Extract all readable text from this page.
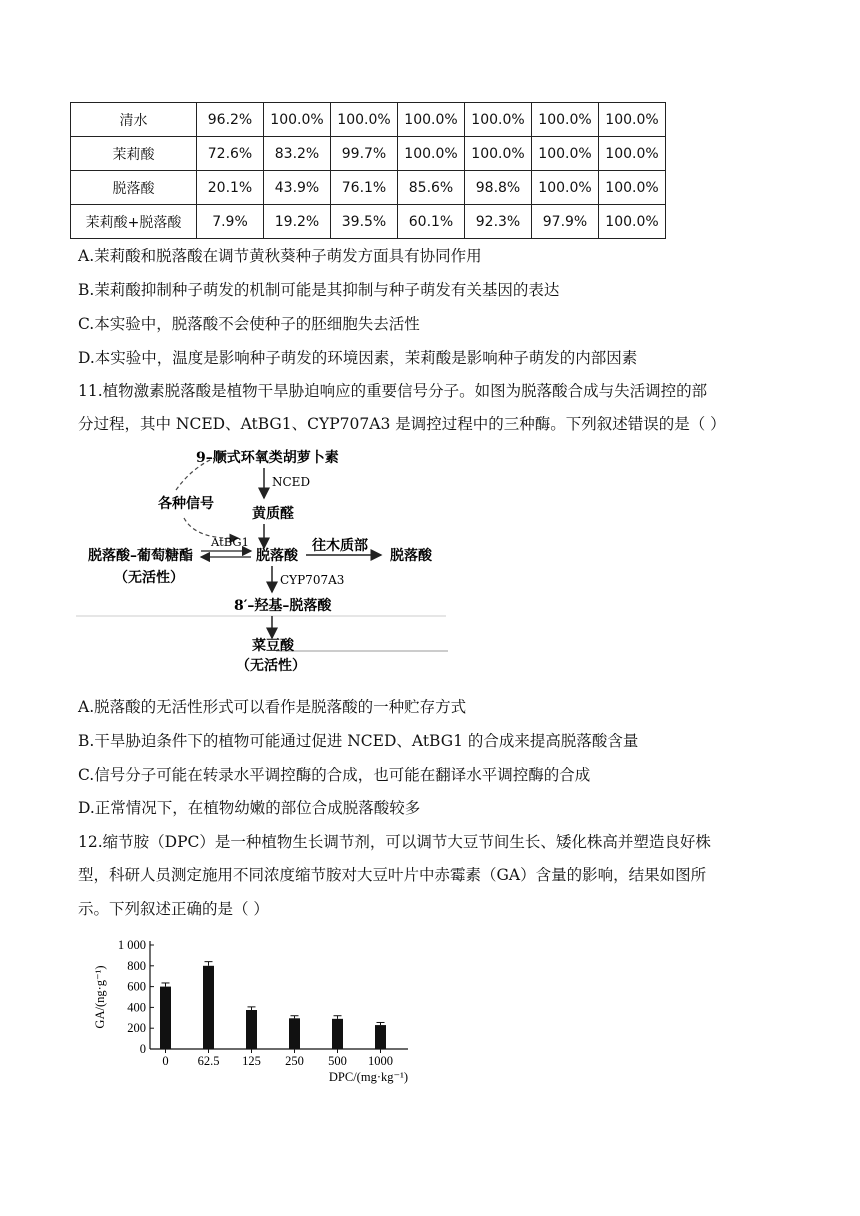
清水	96.2%	100.0%	100.0%	100.0%	100.0%	100.0%	100.0%
茉莉酸	72.6%	83.2%	99.7%	100.0%	100.0%	100.0%	100.0%
脱落酸	20.1%	43.9%	76.1%	85.6%	98.8%	100.0%	100.0%
茉莉酸+脱落酸	7.9%	19.2%	39.5%	60.1%	92.3%	97.9%	100.0%
A.茉莉酸和脱落酸在调节黄秋葵种子萌发方面具有协同作用
B.茉莉酸抑制种子萌发的机制可能是其抑制与种子萌发有关基因的表达
C.本实验中，脱落酸不会使种子的胚细胞失去活性
D.本实验中，温度是影响种子萌发的环境因素，茉莉酸是影响种子萌发的内部因素
11.植物激素脱落酸是植物干旱胁迫响应的重要信号分子。如图为脱落酸合成与失活调控的部
分过程，其中 NCED、AtBG1、CYP707A3 是调控过程中的三种酶。下列叙述错误的是（ ）
9–顺式环氧类胡萝卜素
NCED
各种信号
黄质醛
AtBG1
脱落酸–葡萄糖酯
（无活性）
脱落酸
往木质部
脱落酸
CYP707A3
8′–羟基–脱落酸
菜豆酸
（无活性）
A.脱落酸的无活性形式可以看作是脱落酸的一种贮存方式
B.干旱胁迫条件下的植物可能通过促进 NCED、AtBG1 的合成来提高脱落酸含量
C.信号分子可能在转录水平调控酶的合成，也可能在翻译水平调控酶的合成
D.正常情况下，在植物幼嫩的部位合成脱落酸较多
12.缩节胺（DPC）是一种植物生长调节剂，可以调节大豆节间生长、矮化株高并塑造良好株
型，科研人员测定施用不同浓度缩节胺对大豆叶片中赤霉素（GA）含量的影响，结果如图所
示。下列叙述正确的是（ ）
0
200
400
600
800
1 000
GA/(ng·g⁻¹)
0 62.5 125 250 500 1000
DPC/(mg·kg⁻¹)
